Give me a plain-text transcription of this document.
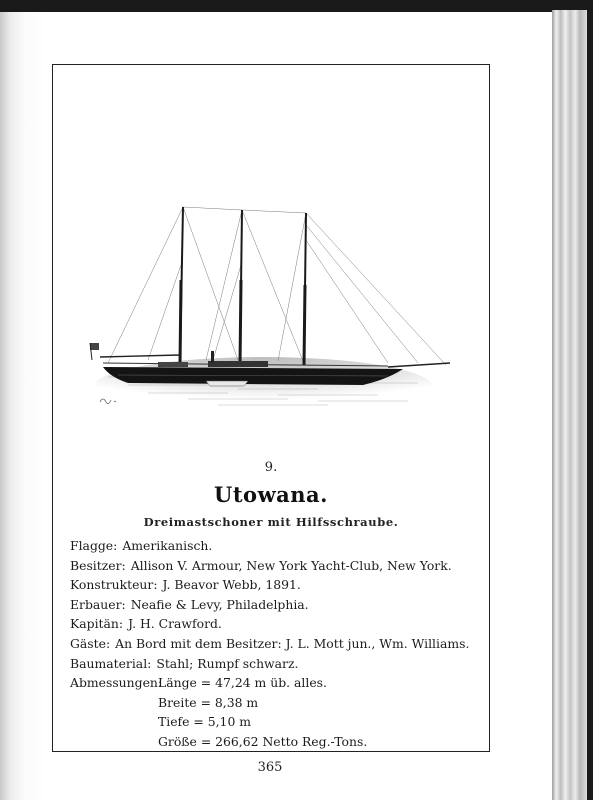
9.
Utowana.
Dreimastschoner mit Hilfsschraube.
Flagge: Amerikanisch.
Besitzer: Allison V. Armour, New York Yacht-Club, New York.
Konstrukteur: J. Beavor Webb, 1891.
Erbauer: Neafie & Levy, Philadelphia.
Kapitän: J. H. Crawford.
Gäste: An Bord mit dem Besitzer: J. L. Mott jun., Wm. Williams.
Baumaterial: Stahl; Rumpf schwarz.
Abmessungen:
Länge = 47,24 m üb. alles.
Breite = 8,38 m
Tiefe = 5,10 m
Größe = 266,62 Netto Reg.-Tons.
365
